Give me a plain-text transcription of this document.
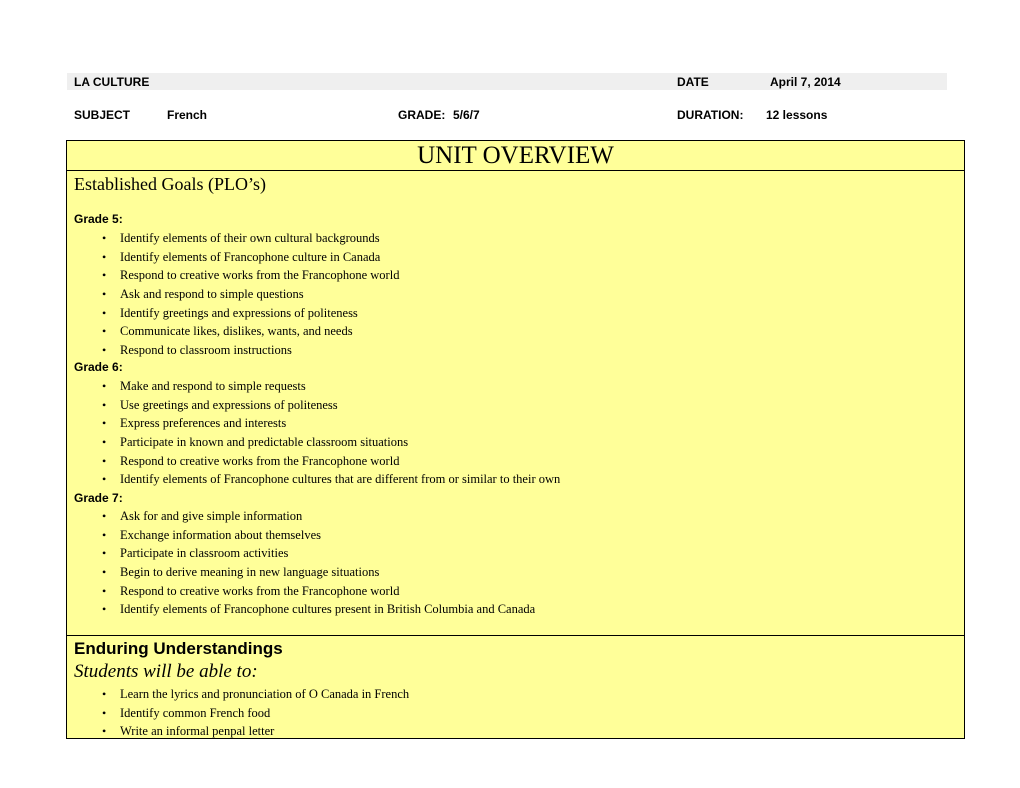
LA CULTURE	DATE	April 7, 2014
SUBJECT	French	GRADE: 5/6/7	DURATION: 12 lessons
UNIT OVERVIEW
Established Goals (PLO’s)
Grade 5:
• Identify elements of their own cultural backgrounds
• Identify elements of Francophone culture in Canada
• Respond to creative works from the Francophone world
• Ask and respond to simple questions
• Identify greetings and expressions of politeness
• Communicate likes, dislikes, wants, and needs
• Respond to classroom instructions
Grade 6:
• Make and respond to simple requests
• Use greetings and expressions of politeness
• Express preferences and interests
• Participate in known and predictable classroom situations
• Respond to creative works from the Francophone world
• Identify elements of Francophone cultures that are different from or similar to their own
Grade 7:
• Ask for and give simple information
• Exchange information about themselves
• Participate in classroom activities
• Begin to derive meaning in new language situations
• Respond to creative works from the Francophone world
• Identify elements of Francophone cultures present in British Columbia and Canada
Enduring Understandings
Students will be able to:
• Learn the lyrics and pronunciation of O Canada in French
• Identify common French food
• Write an informal penpal letter
